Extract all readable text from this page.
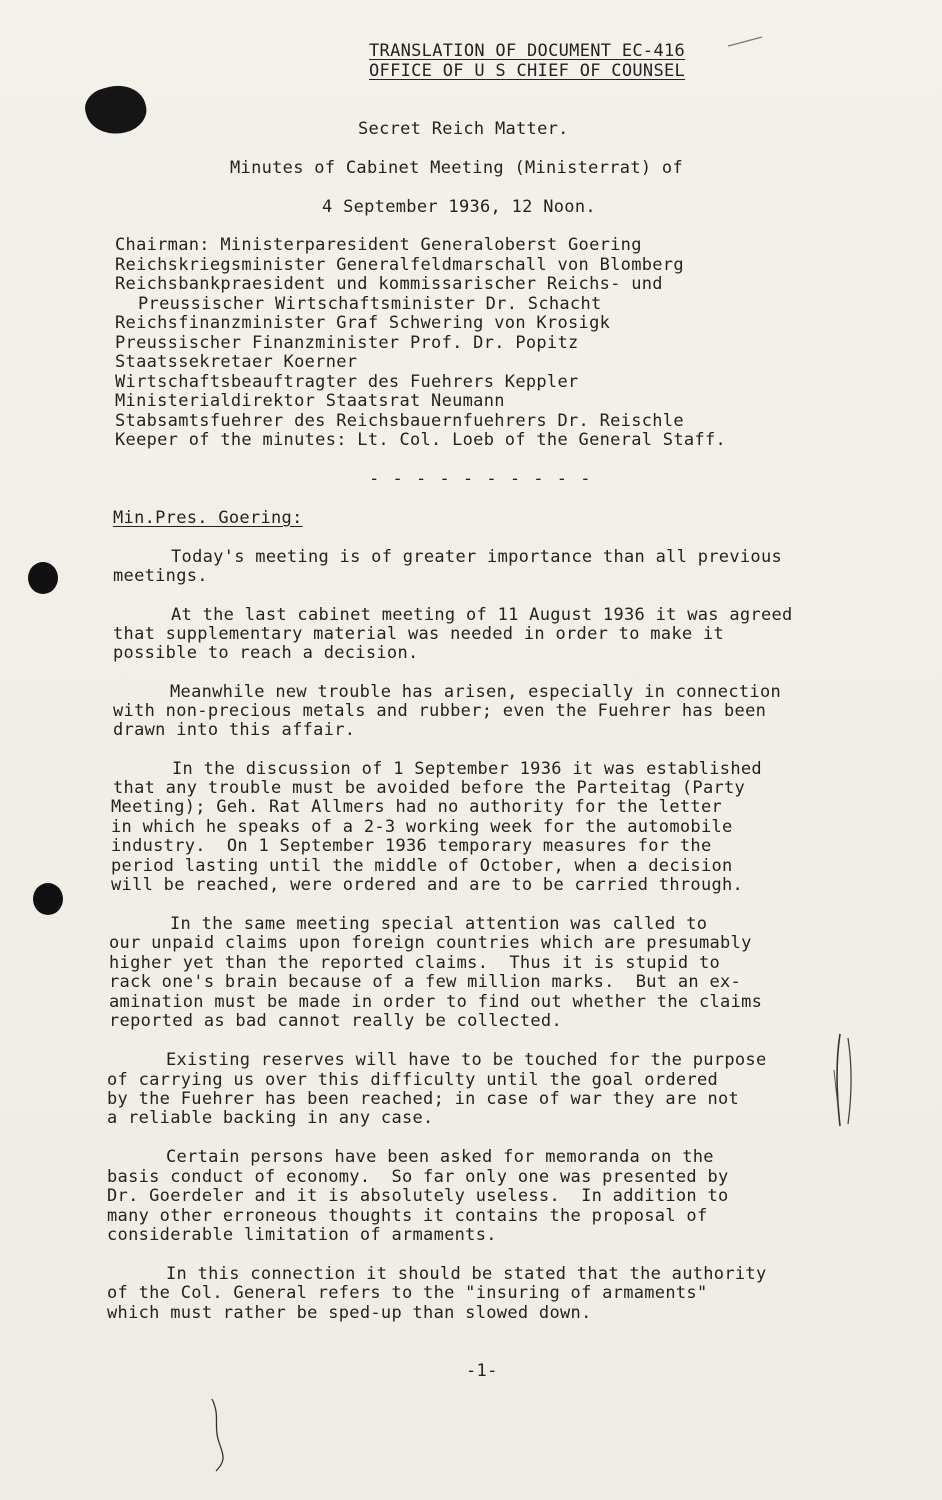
TRANSLATION OF DOCUMENT EC-416
OFFICE OF U S CHIEF OF COUNSEL
Secret Reich Matter.
Minutes of Cabinet Meeting (Ministerrat) of
4 September 1936, 12 Noon.
Chairman: Ministerparesident Generaloberst Goering
Reichskriegsminister Generalfeldmarschall von Blomberg
Reichsbankpraesident und kommissarischer Reichs- und
Preussischer Wirtschaftsminister Dr. Schacht
Reichsfinanzminister Graf Schwering von Krosigk
Preussischer Finanzminister Prof. Dr. Popitz
Staatssekretaer Koerner
Wirtschaftsbeauftragter des Fuehrers Keppler
Ministerialdirektor Staatsrat Neumann
Stabsamtsfuehrer des Reichsbauernfuehrers Dr. Reischle
Keeper of the minutes: Lt. Col. Loeb of the General Staff.
- - - - - - - - - -
Min.Pres. Goering:
Today's meeting is of greater importance than all previous
meetings.
At the last cabinet meeting of 11 August 1936 it was agreed
that supplementary material was needed in order to make it
possible to reach a decision.
Meanwhile new trouble has arisen, especially in connection
with non-precious metals and rubber; even the Fuehrer has been
drawn into this affair.
In the discussion of 1 September 1936 it was established
that any trouble must be avoided before the Parteitag (Party
Meeting); Geh. Rat Allmers had no authority for the letter
in which he speaks of a 2-3 working week for the automobile
industry.  On 1 September 1936 temporary measures for the
period lasting until the middle of October, when a decision
will be reached, were ordered and are to be carried through.
In the same meeting special attention was called to
our unpaid claims upon foreign countries which are presumably
higher yet than the reported claims.  Thus it is stupid to
rack one's brain because of a few million marks.  But an ex-
amination must be made in order to find out whether the claims
reported as bad cannot really be collected.
Existing reserves will have to be touched for the purpose
of carrying us over this difficulty until the goal ordered
by the Fuehrer has been reached; in case of war they are not
a reliable backing in any case.
Certain persons have been asked for memoranda on the
basis conduct of economy.  So far only one was presented by
Dr. Goerdeler and it is absolutely useless.  In addition to
many other erroneous thoughts it contains the proposal of
considerable limitation of armaments.
In this connection it should be stated that the authority
of the Col. General refers to the "insuring of armaments"
which must rather be sped-up than slowed down.
-1-
